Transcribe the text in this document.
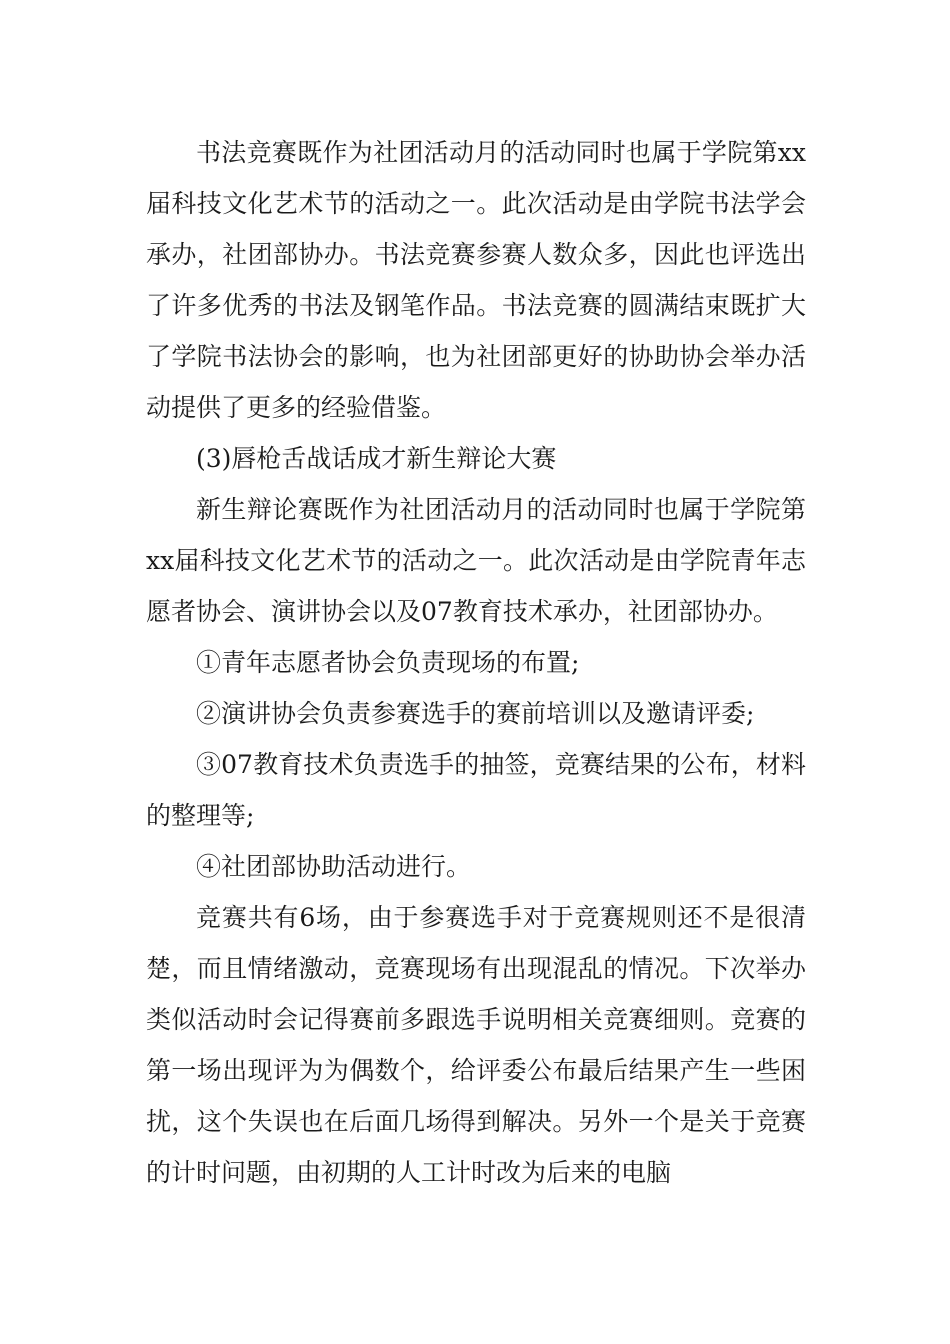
书法竞赛既作为社团活动月的活动同时也属于学院第xx届科技文化艺术节的活动之一。此次活动是由学院书法学会承办，社团部协办。书法竞赛参赛人数众多，因此也评选出了许多优秀的书法及钢笔作品。书法竞赛的圆满结束既扩大了学院书法协会的影响，也为社团部更好的协助协会举办活动提供了更多的经验借鉴。

(3)唇枪舌战话成才新生辩论大赛

新生辩论赛既作为社团活动月的活动同时也属于学院第xx届科技文化艺术节的活动之一。此次活动是由学院青年志愿者协会、演讲协会以及07教育技术承办，社团部协办。

①青年志愿者协会负责现场的布置;

②演讲协会负责参赛选手的赛前培训以及邀请评委;

③07教育技术负责选手的抽签，竞赛结果的公布，材料的整理等;

④社团部协助活动进行。

竞赛共有6场，由于参赛选手对于竞赛规则还不是很清楚，而且情绪激动，竞赛现场有出现混乱的情况。下次举办类似活动时会记得赛前多跟选手说明相关竞赛细则。竞赛的第一场出现评为为偶数个，给评委公布最后结果产生一些困扰，这个失误也在后面几场得到解决。另外一个是关于竞赛的计时问题，由初期的人工计时改为后来的电脑
